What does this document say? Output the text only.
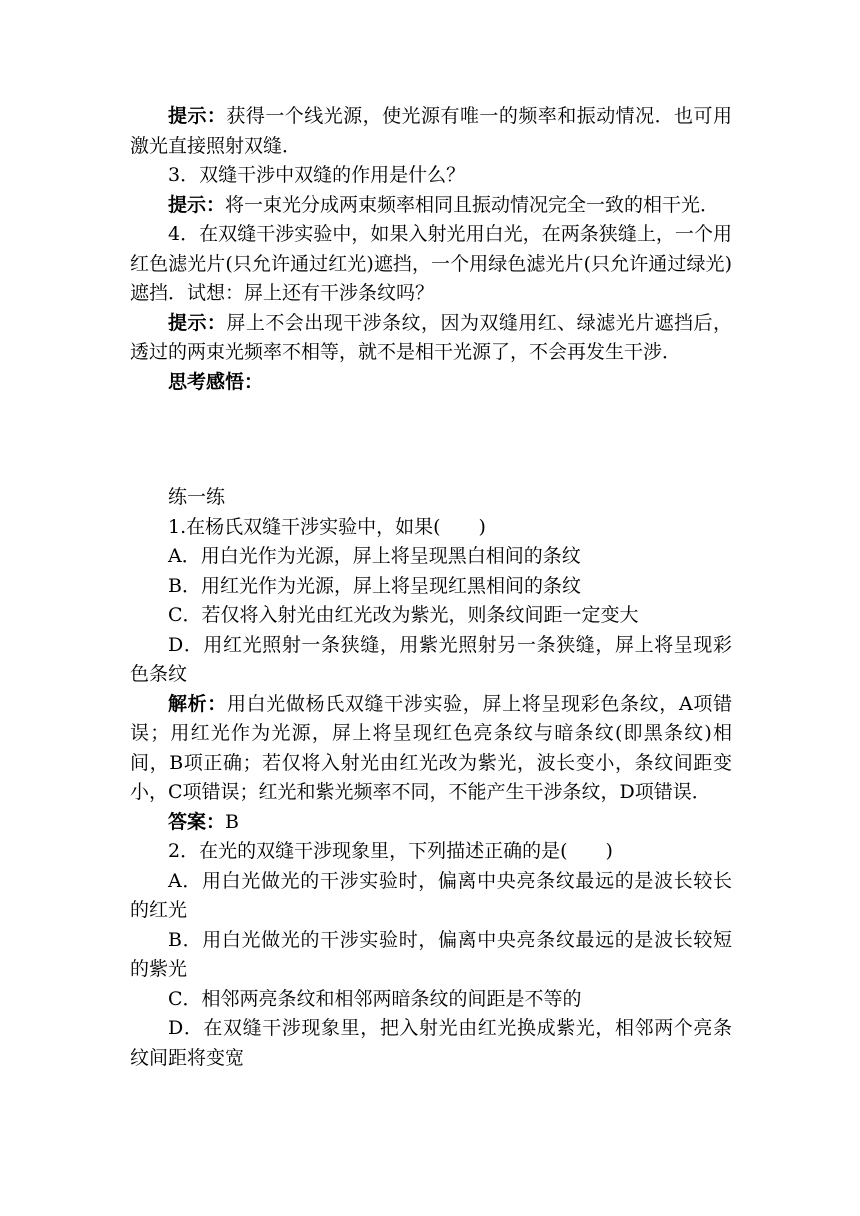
提示：获得一个线光源，使光源有唯一的频率和振动情况．也可用激光直接照射双缝．

3．双缝干涉中双缝的作用是什么？

提示：将一束光分成两束频率相同且振动情况完全一致的相干光．

4．在双缝干涉实验中，如果入射光用白光，在两条狭缝上，一个用红色滤光片(只允许通过红光)遮挡，一个用绿色滤光片(只允许通过绿光)遮挡．试想：屏上还有干涉条纹吗？

提示：屏上不会出现干涉条纹，因为双缝用红、绿滤光片遮挡后，透过的两束光频率不相等，就不是相干光源了，不会再发生干涉．

思考感悟：

练一练

1.在杨氏双缝干涉实验中，如果(　　)

A．用白光作为光源，屏上将呈现黑白相间的条纹

B．用红光作为光源，屏上将呈现红黑相间的条纹

C．若仅将入射光由红光改为紫光，则条纹间距一定变大

D．用红光照射一条狭缝，用紫光照射另一条狭缝，屏上将呈现彩色条纹

解析：用白光做杨氏双缝干涉实验，屏上将呈现彩色条纹，A项错误；用红光作为光源，屏上将呈现红色亮条纹与暗条纹(即黑条纹)相间，B项正确；若仅将入射光由红光改为紫光，波长变小，条纹间距变小，C项错误；红光和紫光频率不同，不能产生干涉条纹，D项错误．

答案：B

2．在光的双缝干涉现象里，下列描述正确的是(　　)

A．用白光做光的干涉实验时，偏离中央亮条纹最远的是波长较长的红光

B．用白光做光的干涉实验时，偏离中央亮条纹最远的是波长较短的紫光

C．相邻两亮条纹和相邻两暗条纹的间距是不等的

D．在双缝干涉现象里，把入射光由红光换成紫光，相邻两个亮条纹间距将变宽
